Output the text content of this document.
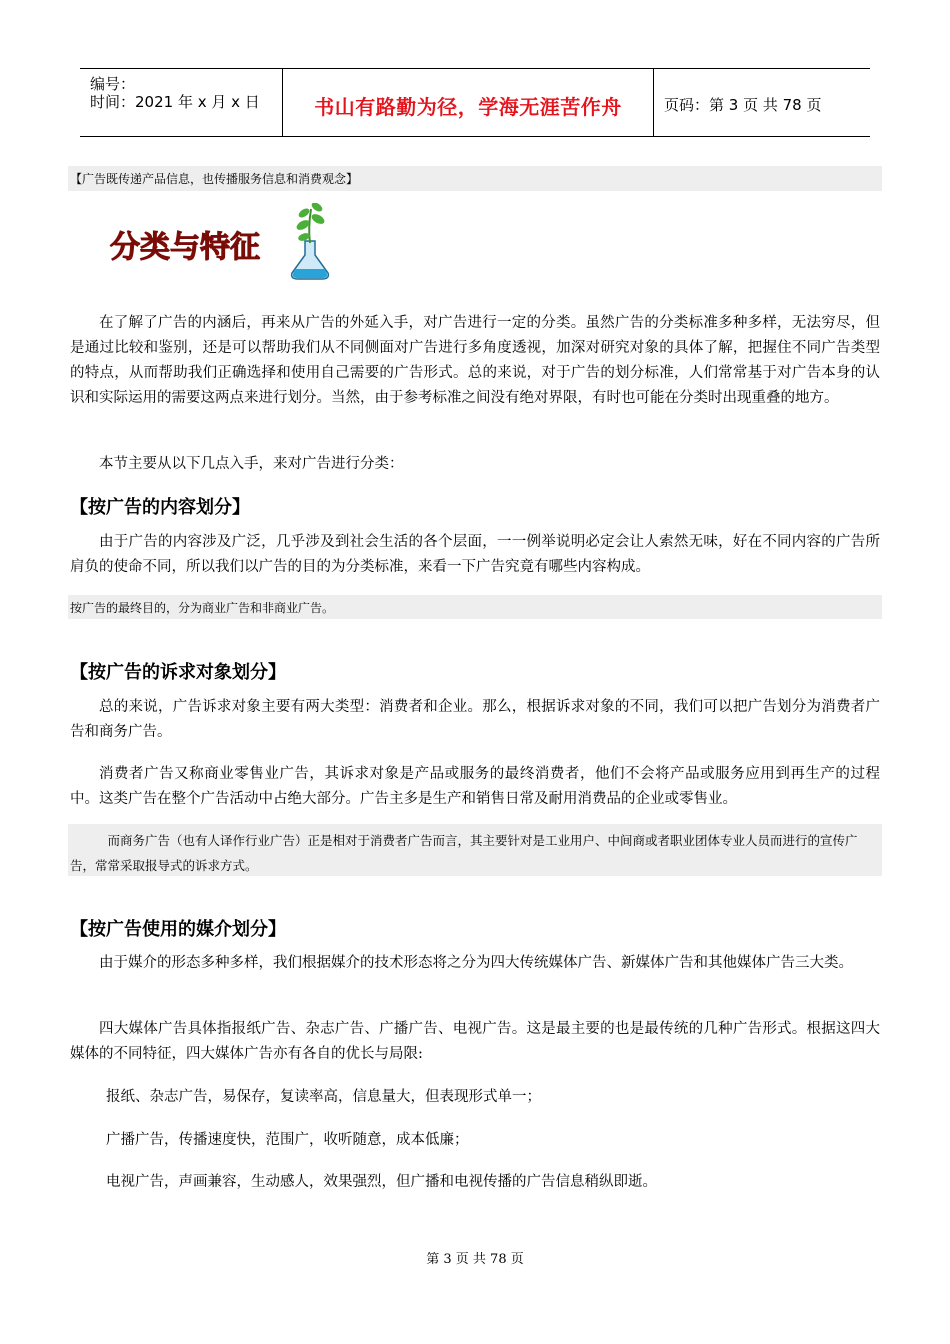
编号：
时间：2021 年 x 月 x 日	书山有路勤为径，学海无涯苦作舟	页码：第 3 页 共 78 页
【广告既传递产品信息，也传播服务信息和消费观念】
分类与特征

在了解了广告的内涵后，再来从广告的外延入手，对广告进行一定的分类。虽然广告的分类标准多种多样，无法穷尽，但是通过比较和鉴别，还是可以帮助我们从不同侧面对广告进行多角度透视，加深对研究对象的具体了解，把握住不同广告类型的特点，从而帮助我们正确选择和使用自己需要的广告形式。总的来说，对于广告的划分标准，人们常常基于对广告本身的认识和实际运用的需要这两点来进行划分。当然，由于参考标准之间没有绝对界限，有时也可能在分类时出现重叠的地方。

本节主要从以下几点入手，来对广告进行分类：

【按广告的内容划分】

由于广告的内容涉及广泛，几乎涉及到社会生活的各个层面，一一例举说明必定会让人索然无味，好在不同内容的广告所肩负的使命不同，所以我们以广告的目的为分类标准，来看一下广告究竟有哪些内容构成。

按广告的最终目的，分为商业广告和非商业广告。
【按广告的诉求对象划分】

总的来说，广告诉求对象主要有两大类型：消费者和企业。那么，根据诉求对象的不同，我们可以把广告划分为消费者广告和商务广告。

消费者广告又称商业零售业广告，其诉求对象是产品或服务的最终消费者，他们不会将产品或服务应用到再生产的过程中。这类广告在整个广告活动中占绝大部分。广告主多是生产和销售日常及耐用消费品的企业或零售业。

而商务广告（也有人译作行业广告）正是相对于消费者广告而言，其主要针对是工业用户、中间商或者职业团体专业人员而进行的宣传广告，常常采取报导式的诉求方式。
【按广告使用的媒介划分】

由于媒介的形态多种多样，我们根据媒介的技术形态将之分为四大传统媒体广告、新媒体广告和其他媒体广告三大类。

四大媒体广告具体指报纸广告、杂志广告、广播广告、电视广告。这是最主要的也是最传统的几种广告形式。根据这四大媒体的不同特征，四大媒体广告亦有各自的优长与局限:

报纸、杂志广告，易保存，复读率高，信息量大，但表现形式单一；
广播广告，传播速度快，范围广，收听随意，成本低廉；
电视广告，声画兼容，生动感人，效果强烈，但广播和电视传播的广告信息稍纵即逝。
第 3 页 共 78 页
